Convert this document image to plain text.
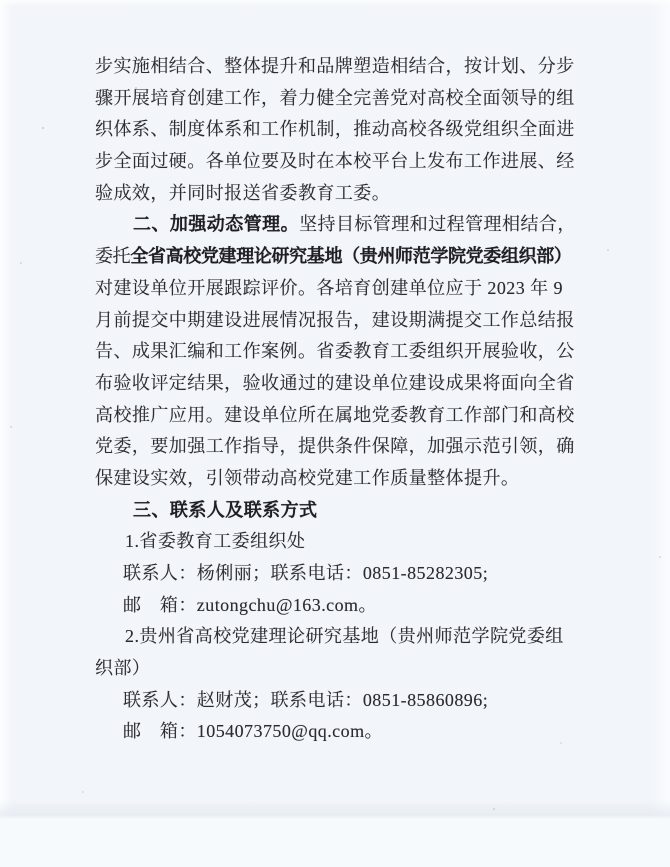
步实施相结合、整体提升和品牌塑造相结合，按计划、分步
骤开展培育创建工作，着力健全完善党对高校全面领导的组
织体系、制度体系和工作机制，推动高校各级党组织全面进
步全面过硬。各单位要及时在本校平台上发布工作进展、经
验成效，并同时报送省委教育工委。
二、加强动态管理。坚持目标管理和过程管理相结合，
委托全省高校党建理论研究基地（贵州师范学院党委组织部）
对建设单位开展跟踪评价。各培育创建单位应于 2023 年 9
月前提交中期建设进展情况报告，建设期满提交工作总结报
告、成果汇编和工作案例。省委教育工委组织开展验收，公
布验收评定结果，验收通过的建设单位建设成果将面向全省
高校推广应用。建设单位所在属地党委教育工作部门和高校
党委，要加强工作指导，提供条件保障，加强示范引领，确
保建设实效，引领带动高校党建工作质量整体提升。
三、联系人及联系方式
1.省委教育工委组织处
联系人：杨俐丽；联系电话：0851-85282305;
邮　箱：zutongchu@163.com。
2.贵州省高校党建理论研究基地（贵州师范学院党委组
织部）
联系人：赵财茂；联系电话：0851-85860896;
邮　箱：1054073750@qq.com。
